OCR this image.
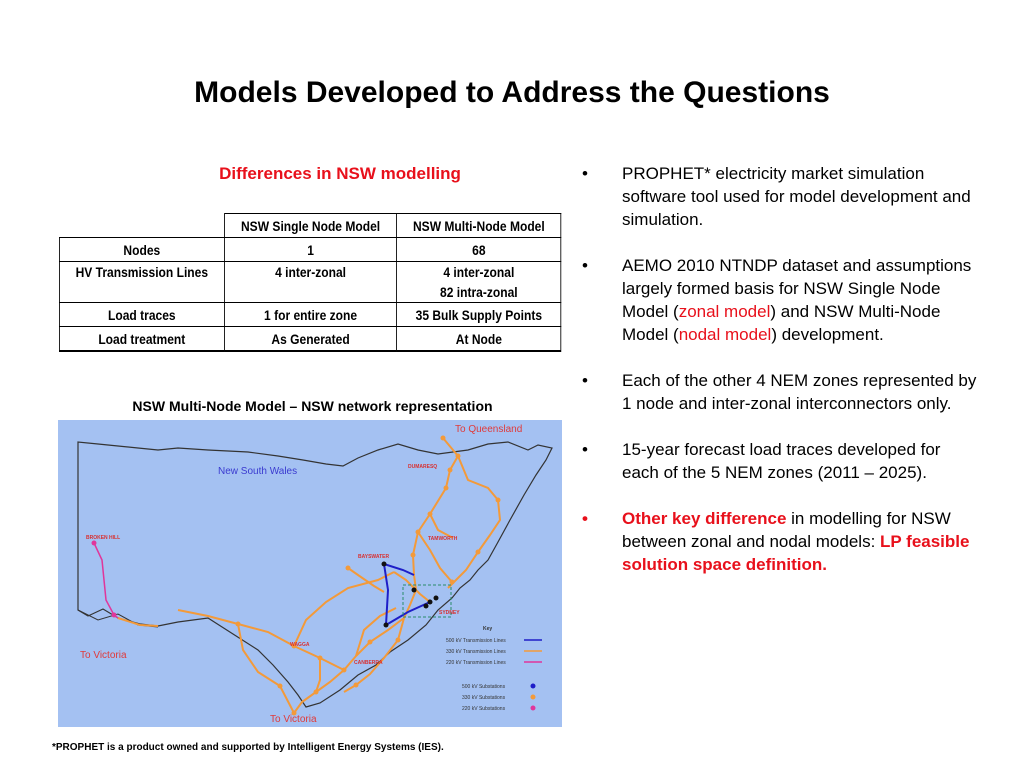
Models Developed to Address the Questions
Differences in NSW modelling
	NSW Single Node Model	NSW Multi-Node Model
Nodes	1	68
HV Transmission Lines	4 inter-zonal	4 inter-zonal
82 intra-zonal

Load traces	1 for entire zone	35 Bulk Supply Points
Load treatment	As Generated	At Node
NSW Multi-Node Model – NSW network representation
To Queensland
New South Wales
To Victoria
To Victoria
DUMARESQ
BROKEN HILL	TAMWORTH
BAYSWATER
SYDNEY
WAGGA
CANBERRA
Key
500 kV Transmission Lines
330 kV Transmission Lines
220 kV Transmission Lines
500 kV Substations
330 kV Substations
220 kV Substations
*PROPHET is a product owned and supported by Intelligent Energy Systems (IES).
• PROPHET* electricity market simulation software tool used for model development and simulation.
• AEMO 2010 NTNDP dataset and assumptions largely formed basis for NSW Single Node Model (zonal model) and NSW Multi-Node Model (nodal model) development.
• Each of the other 4 NEM zones represented by 1 node and inter-zonal interconnectors only.
• 15-year forecast load traces developed for each of the 5 NEM zones (2011 – 2025).
• Other key difference in modelling for NSW between zonal and nodal models: LP feasible solution space definition.
